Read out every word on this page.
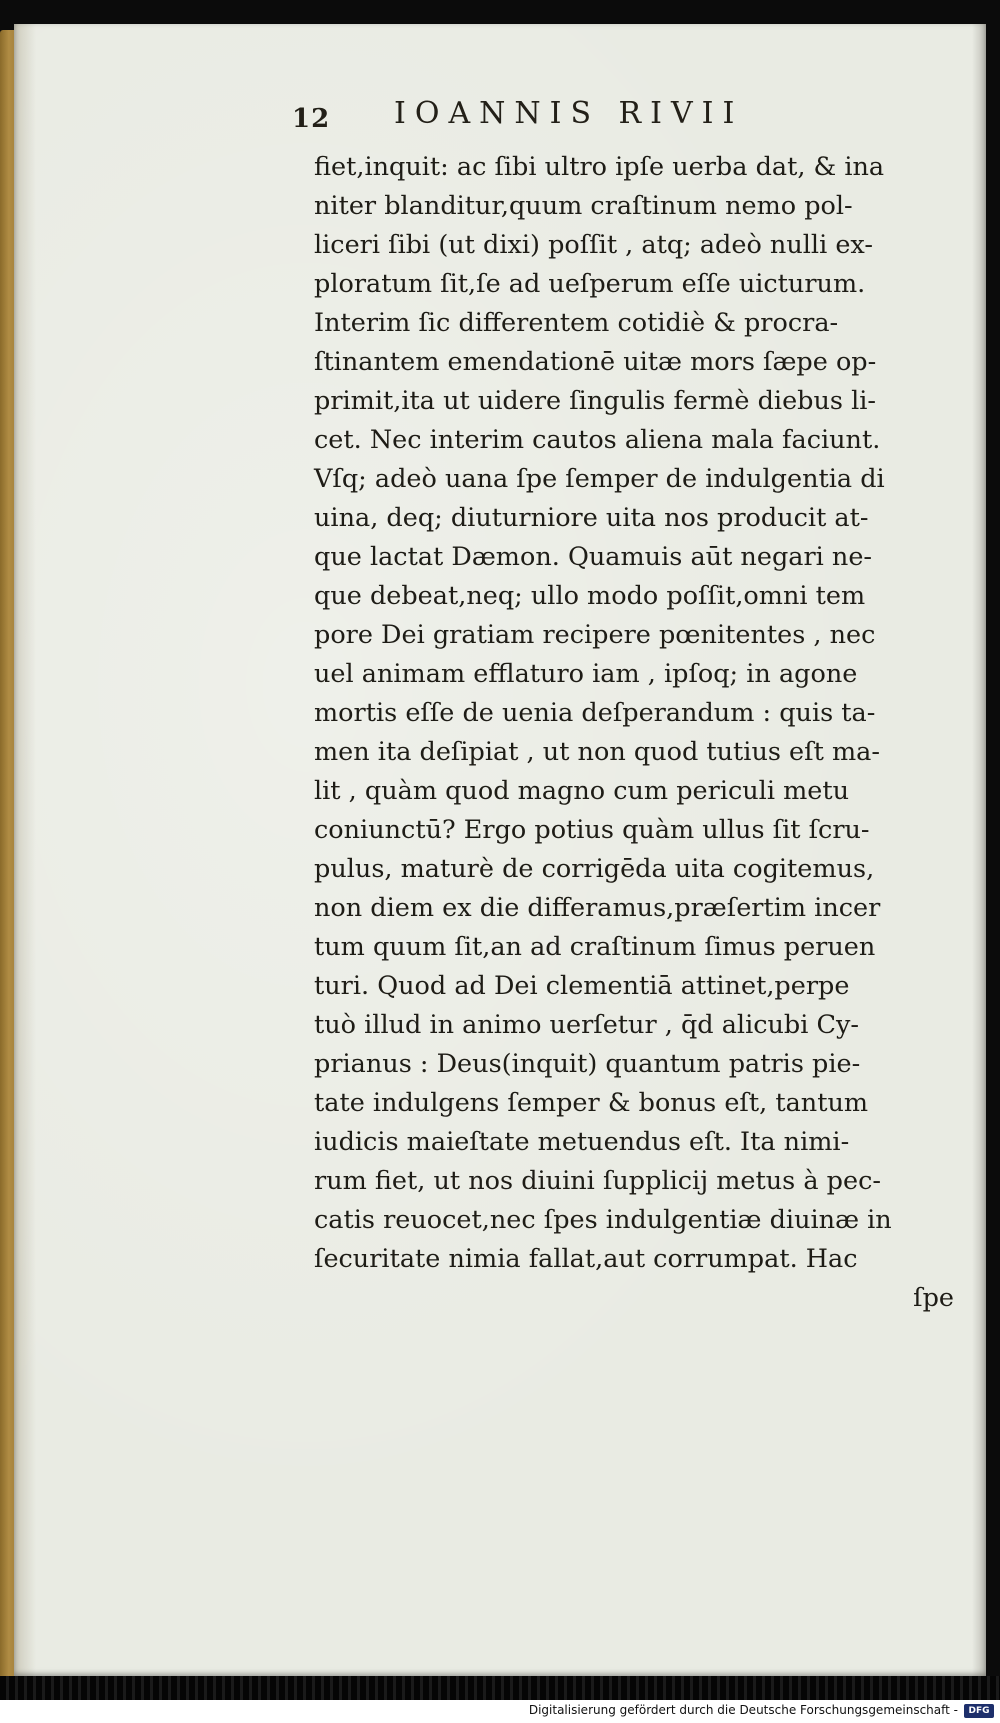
12 IOANNIS RIVII
fiet,inquit: ac ſibi ultro ipſe uerba dat, & ina
niter blanditur,quum craſtinum nemo pol-
liceri ſibi (ut dixi) poſſit , atq; adeò nulli ex-
ploratum ſit,ſe ad ueſperum eſſe uicturum.
Interim ſic differentem cotidiè & procra-
ſtinantem emendationē uitæ mors ſæpe op-
primit,ita ut uidere ſingulis fermè diebus li-
cet. Nec interim cautos aliena mala faciunt.
Vſq; adeò uana ſpe ſemper de indulgentia di
uina, deq; diuturniore uita nos producit at-
que lactat Dæmon. Quamuis aūt negari ne-
que debeat,neq; ullo modo poſſit,omni tem
pore Dei gratiam recipere pœnitentes , nec
uel animam efflaturo iam , ipſoq; in agone
mortis eſſe de uenia deſperandum : quis ta-
men ita deſipiat , ut non quod tutius eſt ma-
lit , quàm quod magno cum periculi metu
coniunctū? Ergo potius quàm ullus ſit ſcru-
pulus, maturè de corrigēda uita cogitemus,
non diem ex die differamus,præſertim incer
tum quum ſit,an ad craſtinum ſimus peruen
turi. Quod ad Dei clementiā attinet,perpe
tuò illud in animo uerſetur , q̄d alicubi Cy-
prianus : Deus(inquit) quantum patris pie-
tate indulgens ſemper & bonus eſt, tantum
iudicis maieſtate metuendus eſt. Ita nimi-
rum fiet, ut nos diuini ſupplicij metus à pec-
catis reuocet,nec ſpes indulgentiæ diuinæ in
ſecuritate nimia fallat,aut corrumpat. Hac
ſpe
Digitalisierung gefördert durch die Deutsche Forschungsgemeinschaft -	DFG
